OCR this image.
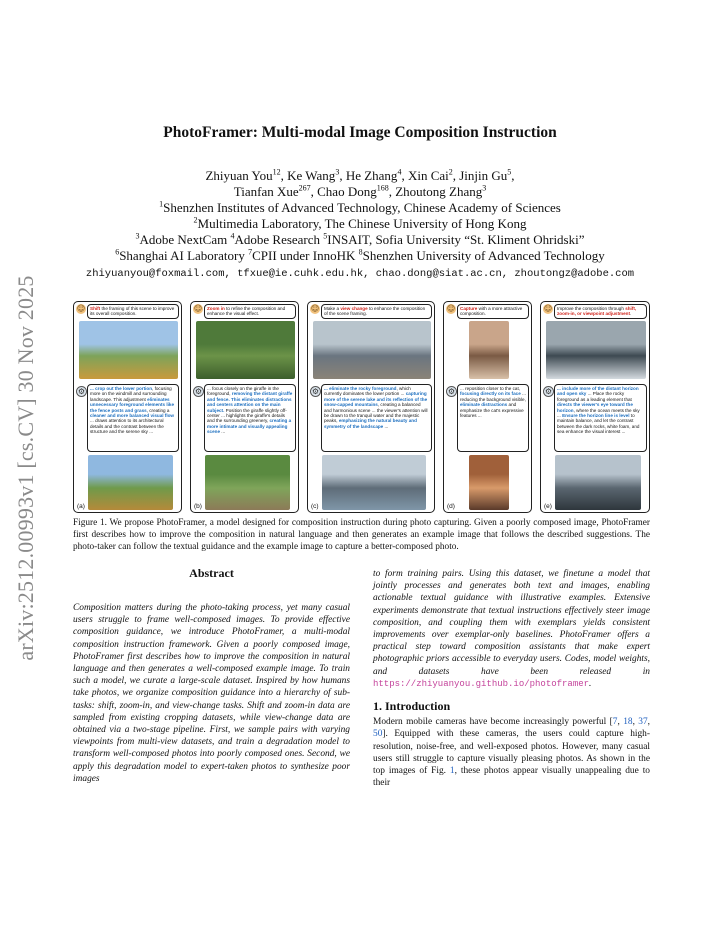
arXiv:2512.00993v1 [cs.CV] 30 Nov 2025
PhotoFramer: Multi-modal Image Composition Instruction
Zhiyuan You$^{12}$, Ke Wang$^3$, He Zhang$^4$, Xin Cai$^2$, Jinjin Gu$^5$,
Tianfan Xue$^{267}$, Chao Dong$^{168}$, Zhoutong Zhang$^3$
$^1$Shenzhen Institutes of Advanced Technology, Chinese Academy of Sciences
$^2$Multimedia Laboratory, The Chinese University of Hong Kong
$^3$Adobe NextCam $^4$Adobe Research $^5$INSAIT, Sofia University “St. Kliment Ohridski”
$^6$Shanghai AI Laboratory $^7$CPII under InnoHK $^8$Shenzhen University of Advanced Technology
zhiyuanyou@foxmail.com, tfxue@ie.cuhk.edu.hk, chao.dong@siat.ac.cn, zhoutongz@adobe.com
☺	Shift the framing of this scene to improve its overall composition.
⚙	... crop out the lower portion, focusing more on the windmill and surrounding landscape. This adjustment eliminates unnecessary foreground elements like the fence posts and grass, creating a cleaner and more balanced visual flow ... draws attention to its architectural details and the contrast between the structure and the serene sky ...
(a)
☺	Zoom in to refine the composition and enhance the visual effect.
⚙	... focus closely on the giraffe in the foreground, removing the distant giraffe and fence. This eliminates distractions and centers attention on the main subject. Position the giraffe slightly off-center ... highlights the giraffe's details and the surrounding greenery, creating a more intimate and visually appealing scene ...
(b)
☺	Make a view change to enhance the composition of the scene framing.
⚙	... eliminate the rocky foreground, which currently dominates the lower portion ... capturing more of the serene lake and its reflection of the snow-capped mountains, creating a balanced and harmonious scene ... the viewer's attention will be drawn to the tranquil water and the majestic peaks, emphasizing the natural beauty and symmetry of the landscape ...
(c)
☺	Capture with a more attractive composition.
⚙	... reposition closer to the cat, focusing directly on its face ... reducing the background visible, eliminate distractions and emphasize the cat's expressive features ...
(d)
☺	Improve the composition through shift, zoom-in, or viewpoint adjustment.
⚙	... include more of the distant horizon and open sky ... Place the rocky foreground as a leading element that directs the viewer's eye toward the horizon, where the ocean meets the sky ... Ensure the horizon line is level to maintain balance, and let the contrast between the dark rocks, white foam, and sea enhance the visual interest ...
(e)
Figure 1. We propose PhotoFramer, a model designed for composition instruction during photo capturing. Given a poorly composed image, PhotoFramer first describes how to improve the composition in natural language and then generates an example image that follows the described suggestions. The photo-taker can follow the textual guidance and the example image to capture a better-composed photo.
Abstract
Composition matters during the photo-taking process, yet many casual users struggle to frame well-composed images. To provide effective composition guidance, we introduce PhotoFramer, a multi-modal composition instruction framework. Given a poorly composed image, PhotoFramer first describes how to improve the composition in natural language and then generates a well-composed example image. To train such a model, we curate a large-scale dataset. Inspired by how humans take photos, we organize composition guidance into a hierarchy of sub-tasks: shift, zoom-in, and view-change tasks. Shift and zoom-in data are sampled from existing cropping datasets, while view-change data are obtained via a two-stage pipeline. First, we sample pairs with varying viewpoints from multi-view datasets, and train a degradation model to transform well-composed photos into poorly composed ones. Second, we apply this degradation model to expert-taken photos to synthesize poor images
to form training pairs. Using this dataset, we finetune a model that jointly processes and generates both text and images, enabling actionable textual guidance with illustrative examples. Extensive experiments demonstrate that textual instructions effectively steer image composition, and coupling them with exemplars yields consistent improvements over exemplar-only baselines. PhotoFramer offers a practical step toward composition assistants that make expert photographic priors accessible to everyday users. Codes, model weights, and datasets have been released in https://zhiyuanyou.github.io/photoframer.
1. Introduction
Modern mobile cameras have become increasingly powerful [7, 18, 37, 50]. Equipped with these cameras, the users could capture high-resolution, noise-free, and well-exposed photos. However, many casual users still struggle to capture visually pleasing photos. As shown in the top images of Fig. 1, these photos appear visually unappealing due to their
